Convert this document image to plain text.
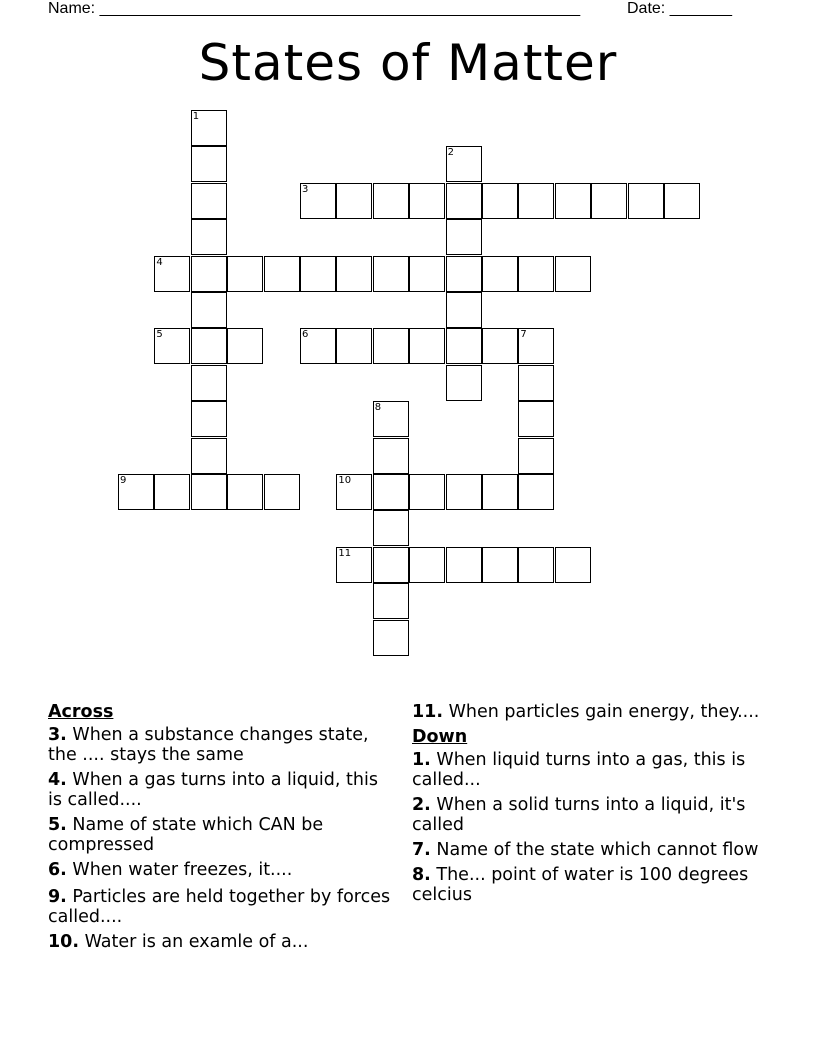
Name: ______________________________________________________	Date: _______
States of Matter
1
2
3
4
5	6	7
8
9	10
11
Across
3. When a substance changes state, the .... stays the same
4. When a gas turns into a liquid, this is called....
5. Name of state which CAN be compressed
6. When water freezes, it....
9. Particles are held together by forces called....
10. Water is an examle of a...
11. When particles gain energy, they....
Down
1. When liquid turns into a gas, this is called...
2. When a solid turns into a liquid, it's called
7. Name of the state which cannot flow
8. The... point of water is 100 degrees celcius
